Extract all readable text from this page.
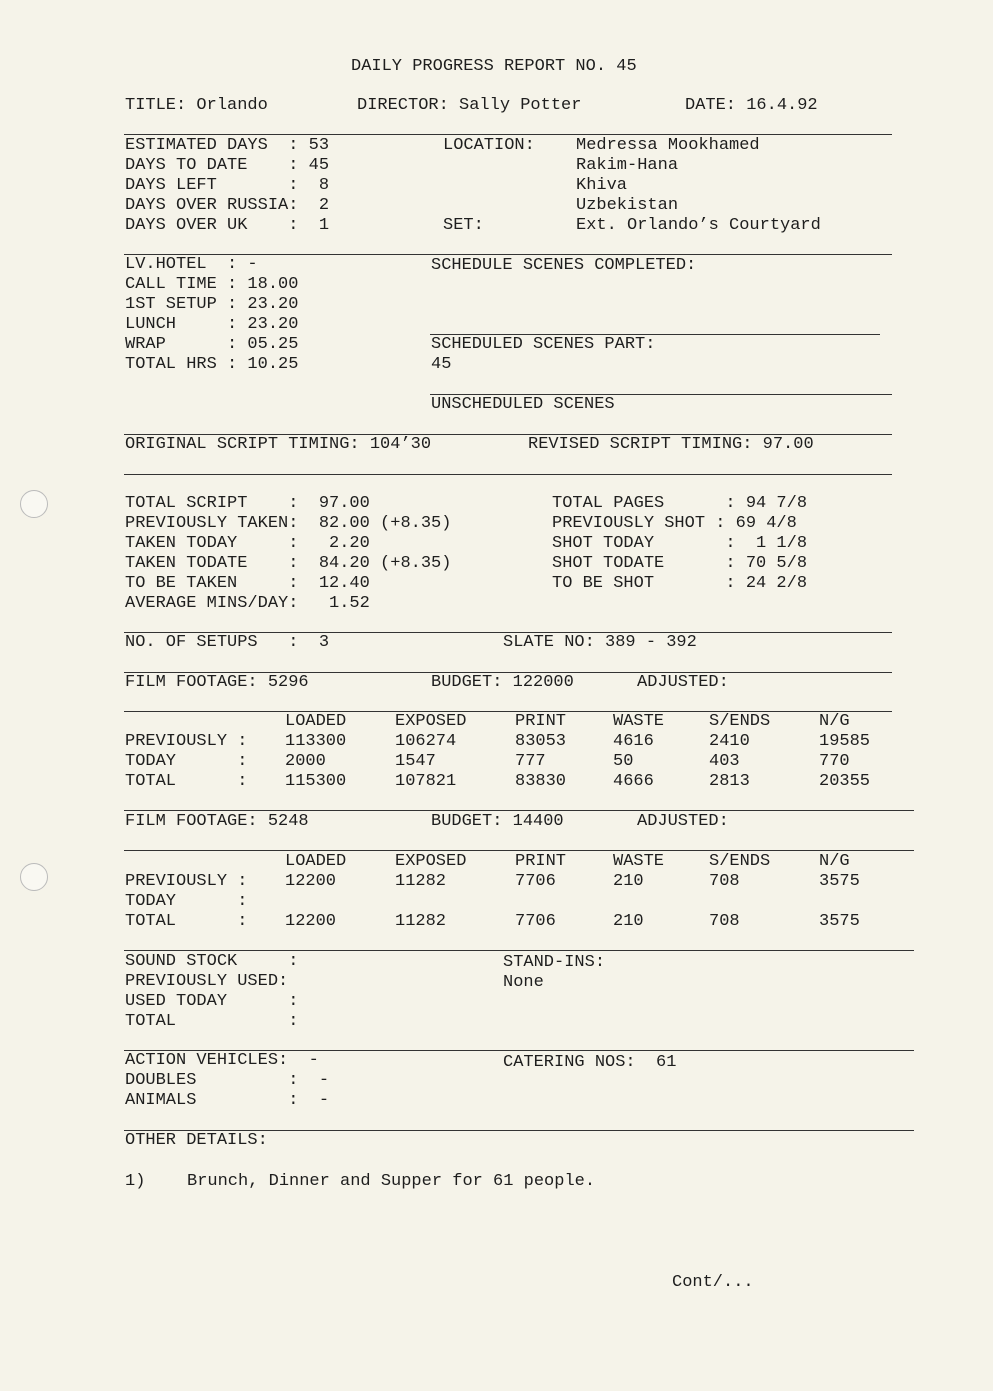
DAILY PROGRESS REPORT NO. 45
TITLE: Orlando	DIRECTOR: Sally Potter	DATE: 16.4.92
ESTIMATED DAYS  : 53
DAYS TO DATE    : 45
DAYS LEFT       :  8
DAYS OVER RUSSIA:  2
DAYS OVER UK    :  1
LOCATION: Medressa Mookhamed
Rakim-Hana
Khiva
Uzbekistan
SET:	Ext. Orlando’s Courtyard
LV.HOTEL  : -
CALL TIME : 18.00
1ST SETUP : 23.20
LUNCH     : 23.20
WRAP      : 05.25
TOTAL HRS : 10.25
SCHEDULE SCENES COMPLETED:
SCHEDULED SCENES PART:
45
UNSCHEDULED SCENES
ORIGINAL SCRIPT TIMING: 104’30	REVISED SCRIPT TIMING: 97.00
TOTAL SCRIPT    :  97.00
PREVIOUSLY TAKEN:  82.00 (+8.35)
TAKEN TODAY     :   2.20
TAKEN TODATE    :  84.20 (+8.35)
TO BE TAKEN     :  12.40
AVERAGE MINS/DAY:   1.52
TOTAL PAGES      : 94 7/8
PREVIOUSLY SHOT : 69 4/8
SHOT TODAY       :  1 1/8
SHOT TODATE      : 70 5/8
TO BE SHOT       : 24 2/8
NO. OF SETUPS   :  3	SLATE NO: 389 - 392
FILM FOOTAGE: 5296	BUDGET: 122000	ADJUSTED:
LOADED	EXPOSED	PRINT	WASTE	S/ENDS	N/G
PREVIOUSLY : 113300	106274	83053	4616	2410	19585
TODAY      : 2000	1547	777	50	403	770
TOTAL      : 115300	107821	83830	4666	2813	20355
FILM FOOTAGE: 5248	BUDGET: 14400	ADJUSTED:
LOADED	EXPOSED	PRINT	WASTE	S/ENDS	N/G
PREVIOUSLY : 12200	11282	7706	210	708	3575
TODAY      :
TOTAL      : 12200	11282	7706	210	708	3575
SOUND STOCK     :
PREVIOUSLY USED:
USED TODAY      :
TOTAL           :
STAND-INS:
None
ACTION VEHICLES:  -
DOUBLES         :  -
ANIMALS         :  -
CATERING NOS:  61
OTHER DETAILS:
1) Brunch, Dinner and Supper for 61 people.
Cont/...
